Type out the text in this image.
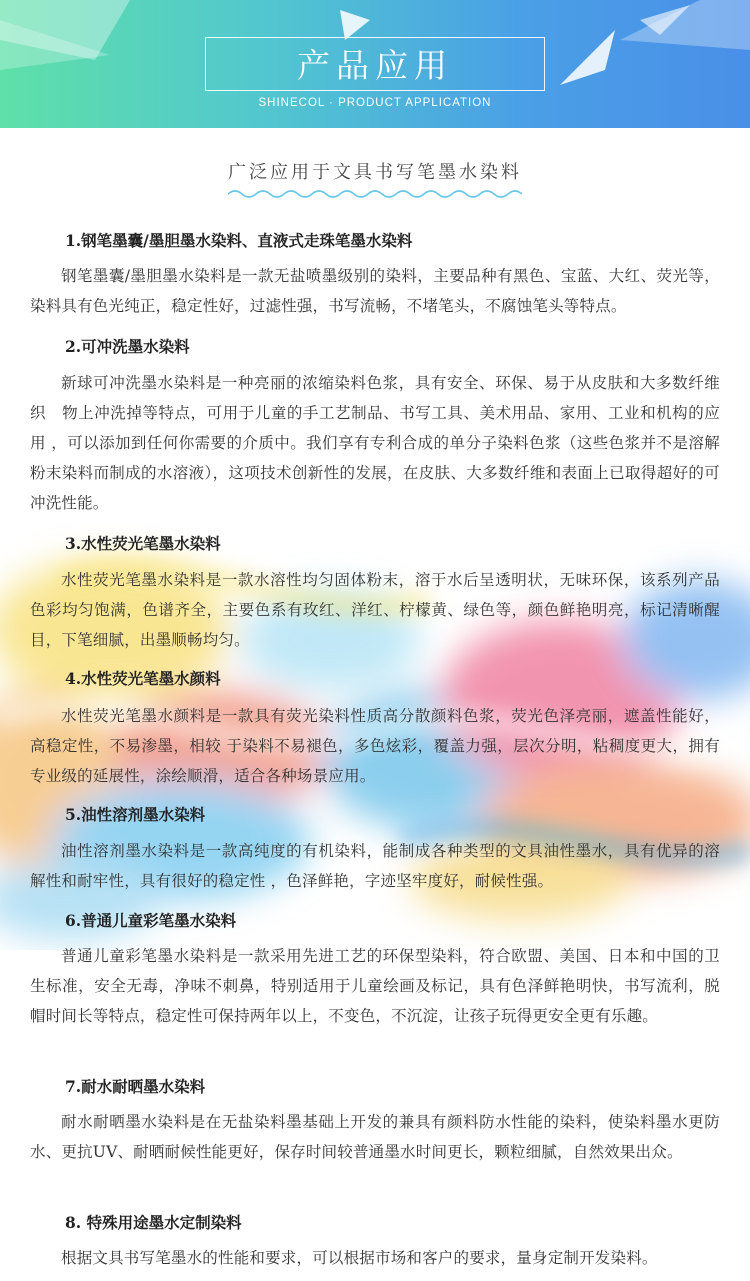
产品应用
SHINECOL · PRODUCT APPLICATION
广泛应用于文具书写笔墨水染料
1.钢笔墨囊/墨胆墨水染料、直液式走珠笔墨水染料
钢笔墨囊/墨胆墨水染料是一款无盐喷墨级别的染料，主要品种有黑色、宝蓝、大红、荧光等，染料具有色光纯正，稳定性好，过滤性强，书写流畅，不堵笔头，不腐蚀笔头等特点。
2.可冲洗墨水染料
新球可冲洗墨水染料是一种亮丽的浓缩染料色浆，具有安全、环保、易于从皮肤和大多数纤维织　物上冲洗掉等特点，可用于儿童的手工艺制品、书写工具、美术用品、家用、工业和机构的应用 ，可以添加到任何你需要的介质中。我们享有专利合成的单分子染料色浆（这些色浆并不是溶解粉末染料而制成的水溶液），这项技术创新性的发展，在皮肤、大多数纤维和表面上已取得超好的可冲洗性能。
3.水性荧光笔墨水染料
水性荧光笔墨水染料是一款水溶性均匀固体粉末，溶于水后呈透明状，无味环保，该系列产品色彩均匀饱满，色谱齐全，主要色系有玫红、洋红、柠檬黄、绿色等，颜色鲜艳明亮，标记清晰醒目，下笔细腻，出墨顺畅均匀。
4.水性荧光笔墨水颜料
水性荧光笔墨水颜料是一款具有荧光染料性质高分散颜料色浆，荧光色泽亮丽，遮盖性能好，高稳定性，不易渗墨，相较 于染料不易褪色，多色炫彩，覆盖力强，层次分明，粘稠度更大，拥有专业级的延展性，涂绘顺滑，适合各种场景应用。
5.油性溶剂墨水染料
油性溶剂墨水染料是一款高纯度的有机染料，能制成各种类型的文具油性墨水，具有优异的溶解性和耐牢性，具有很好的稳定性 ，色泽鲜艳，字迹坚牢度好，耐候性强。
6.普通儿童彩笔墨水染料
普通儿童彩笔墨水染料是一款采用先进工艺的环保型染料，符合欧盟、美国、日本和中国的卫生标准，安全无毒，净味不刺鼻，特别适用于儿童绘画及标记，具有色泽鲜艳明快，书写流利，脱帽时间长等特点，稳定性可保持两年以上，不变色，不沉淀，让孩子玩得更安全更有乐趣。
7.耐水耐晒墨水染料
耐水耐晒墨水染料是在无盐染料墨基础上开发的兼具有颜料防水性能的染料，使染料墨水更防水、更抗UV、耐晒耐候性能更好，保存时间较普通墨水时间更长，颗粒细腻，自然效果出众。
8. 特殊用途墨水定制染料
根据文具书写笔墨水的性能和要求，可以根据市场和客户的要求，量身定制开发染料。
